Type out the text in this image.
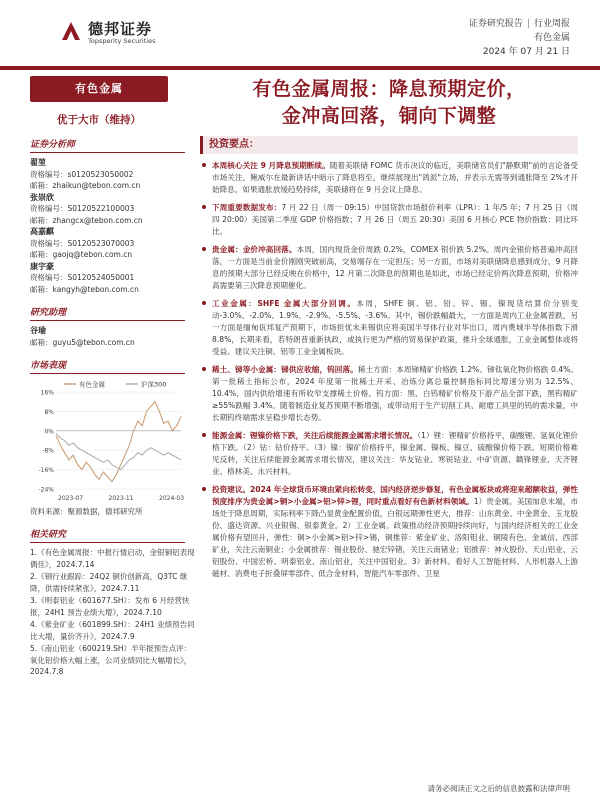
德邦证券
Topsperity Securities
证券研究报告 | 行业周报
有色金属
2024 年 07 月 21 日
有色金属
优于大市（维持）
证券分析师
翟堃
资格编号：s0120523050002
邮箱：zhaikun@tebon.com.cn
张崇欣
资格编号：S0120522100003
邮箱：zhangcx@tebon.com.cn
高嘉麒
资格编号：S0120523070003
邮箱：gaojq@tebon.com.cn
康宇豪
资格编号：S0120524050001
邮箱：kangyh@tebon.com.cn
研究助理
谷瑜
邮箱：guyu5@tebon.com.cn
市场表现
16%
8%
0%
-8%
-16%
-24%
2023-07	2023-11	2024-03
有色金属	沪深300
资料来源：聚源数据，德邦研究所
相关研究
1.《有色金属周报：中报行情启动，金银铜铝表现偶佳》，2024.7.14
2.《钢行业跟踪：24Q2 铜价创新高，Q3TC 继降，供需持续紧张》，2024.7.11
3.《明泰铝业（601677.SH）：发布 6 月经营快报，24H1 预告业绩大增》，2024.7.10
4.《紫金矿业（601899.SH）：24H1 业绩预告同比大增，量价齐升》，2024.7.9
5.《南山铝业（600219.SH）半年报预告点评：氧化铝价格大幅上涨，公司业绩同比大幅增长》，2024.7.8
有色金属周报：降息预期定价，
金冲高回落，铜向下调整
投资要点：
本周核心关注 9 月降息预期断续。随着美联储 FOMC 货币决议的临近，美联储官员们"静默期"前的言论备受市场关注，鲍威尔在最新讲话中暗示了降息将至，继续展现出"鸽派"立场，并表示无需等到通胀降至 2%才开始降息。如果通胀放缓趋势持续，美联储将在 9 月会议上降息。
下周重要数据发布：7 月 22 日（周一 09:15）中国贷款市场报价利率（LPR）：1 年/5 年；7 月 25 日（周四 20:00）美国第二季度 GDP 价格指数；7 月 26 日（周五 20:30）美国 6 月核心 PCE 物价指数：同比环比。
贵金属：金价冲高回落。本周，国内现货金价周跌 0.2%，COMEX 银价跌 5.2%。周内金银价格普遍冲高回落，一方面是当前金价刚刚突破前高，交易端存在一定担压；另一方面，市场对美联储降息感到成分，9 月降息的预期大部分已经反映在价格中，12 月第二次降息的预期也是如此，市场已经定价两次降息预期，价格冲高需要第三次降息预期催化。
工业金属：SHFE 金属大部分回调。本周，SHFE 铜、铝、铅、锌、锡、镍现货结算价分别变动-3.0%、-2.0%、1.9%、-2.9%、-5.5%、-3.6%。其中，锡价跌幅最大，一方面是周内工业金属普跌，另一方面是缅甸佤邦复产预期下，市场担忧未来锡供应将美国半导体行业对华出口，周内费城半导体指数下滑 8.8%，长期来看，若特朗普重新执政，或执行更为严格的贸易保护政策，推升全球通胀，工业金属整体或将受益。建议关注铜、铝等工业金属板块。
稀土、锑等小金属：锑供应收缩，钨回落。稀土方面：本周锑精矿价格跌 1.2%、锑钛氧化物价格跌 0.4%。第一批稀土指标公布，2024 年度第一批稀土开采、冶炼分离总量控制指标同比增速分别为 12.5%、10.4%，国内供给增速有所收窄支撑稀土价格。钨方面：黑、白钨精矿价格及下游产品全部下跌，黑钨精矿≥55%跌幅 3.4%。随着制造业复苏预期不断增强，或带动用于生产切削工具、耐磨工具里的钨的需求量，中长期钨终端需求呈稳步增长态势。
能源金属：锂镍价格下跌，关注后续能源金属需求增长情况。（1）锂：锂精矿价格持平，碳酸锂、氢氧化锂价格下跌。（2）钴：钴价持平。（3）镍：镍矿价格持平，镍金属、镍板、镍豆、硫酸镍价格下跌。短期价格难见反转，关注后续能源金属需求增长情况，建议关注：华友钴业、寒锐钴业、中矿资源、赣锋锂业、天齐锂业、格林美、永兴材料。
投资建议。2024 年全球货币环境由紧向松转变、国内经济逆步修复，有色金属板块或将迎来超额收益，弹性预度排序为贵金属>铜>小金属>铝>锌>锂，同时重点看好有色新材料领域。1）贵金属。美国加息末端，市场处于降息周期，实际利率下降凸显黄金配置价值，白银远期弹性更大，推荐：山东黄金、中金黄金、玉龙股份、盛达资源、兴业银锡、银泰黄金。2）工业金属。政策推动经济预期持续向好，与国内经济相关的工业金属价格有望回升，弹性：铜>小金属>铝>锌>锡，铜推荐：紫金矿业、洛阳钼业、铜陵有色、金诚信、西部矿业，关注云南铜业；小金属推荐：锡业股份、驰宏锌锗，关注云南锗业；铝推荐：神火股份、天山铝业、云铝股份、中国宏桥、明泰铝业、南山铝业，关注中国铝业。3）新材料。看好人工智能材料、人形机器人上游磁材、消费电子折叠屏零部件、低合金材料，智能汽车零部件、卫星
请务必阅读正文之后的信息披露和法律声明
